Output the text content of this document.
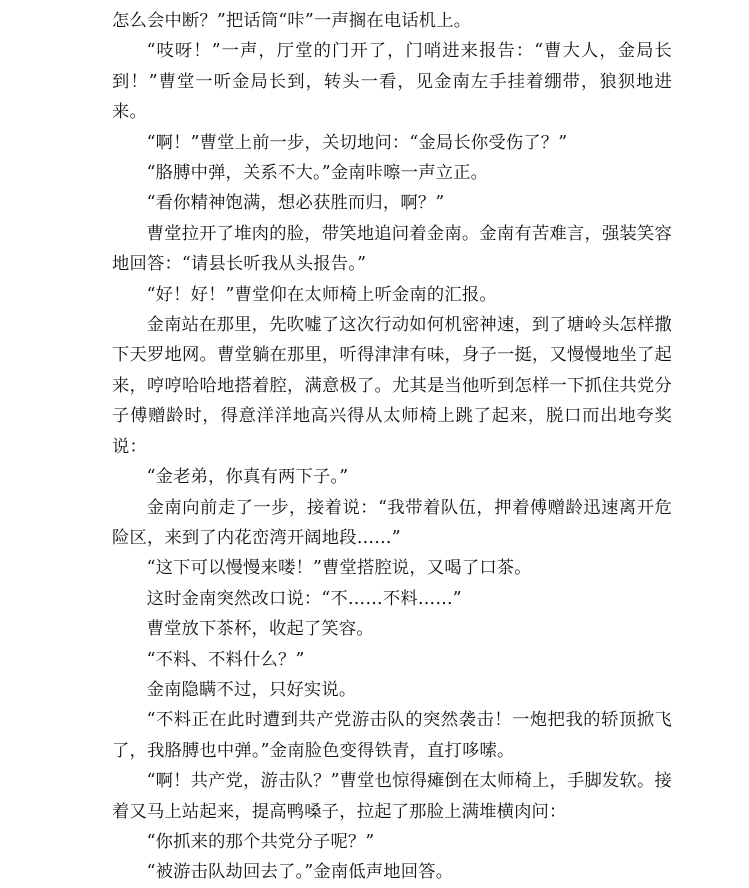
怎么会中断？”把话筒“咔”一声搁在电话机上。

“吱呀！”一声，厅堂的门开了，门哨进来报告：“曹大人，金局长到！”曹堂一听金局长到，转头一看，见金南左手挂着绷带，狼狈地进来。

“啊！”曹堂上前一步，关切地问：“金局长你受伤了？”

“胳膊中弹，关系不大。”金南咔嚓一声立正。

“看你精神饱满，想必获胜而归，啊？”

曹堂拉开了堆肉的脸，带笑地追问着金南。金南有苦难言，强装笑容地回答：“请县长听我从头报告。”

“好！好！”曹堂仰在太师椅上听金南的汇报。

金南站在那里，先吹嘘了这次行动如何机密神速，到了塘岭头怎样撒下天罗地网。曹堂躺在那里，听得津津有味，身子一挺，又慢慢地坐了起来，哼哼哈哈地搭着腔，满意极了。尤其是当他听到怎样一下抓住共党分子傅赠龄时，得意洋洋地高兴得从太师椅上跳了起来，脱口而出地夸奖说：

“金老弟，你真有两下子。”

金南向前走了一步，接着说：“我带着队伍，押着傅赠龄迅速离开危险区，来到了内花峦湾开阔地段……”

“这下可以慢慢来喽！”曹堂搭腔说，又喝了口茶。

这时金南突然改口说：“不……不料……”

曹堂放下茶杯，收起了笑容。

“不料、不料什么？”

金南隐瞒不过，只好实说。

“不料正在此时遭到共产党游击队的突然袭击！一炮把我的轿顶掀飞了，我胳膊也中弹。”金南脸色变得铁青，直打哆嗦。

“啊！共产党，游击队？”曹堂也惊得瘫倒在太师椅上，手脚发软。接着又马上站起来，提高鸭嗓子，拉起了那脸上满堆横肉问：

“你抓来的那个共党分子呢？”

“被游击队劫回去了。”金南低声地回答。
